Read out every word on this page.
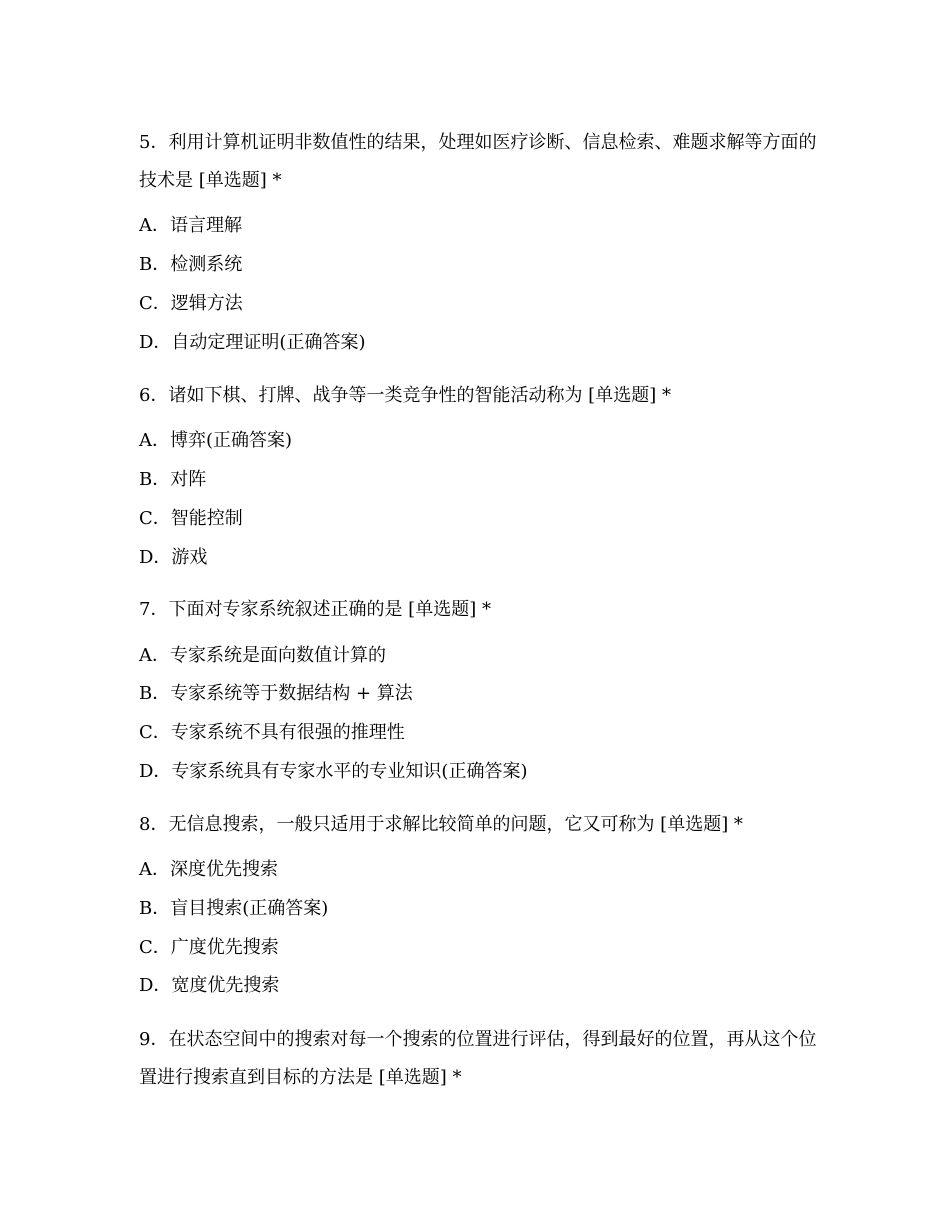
5．利用计算机证明非数值性的结果，处理如医疗诊断、信息检索、难题求解等方面的技术是 [单选题] *
A．语言理解
B．检测系统
C．逻辑方法
D．自动定理证明(正确答案)
6．诸如下棋、打牌、战争等一类竞争性的智能活动称为 [单选题] *
A．博弈(正确答案)
B．对阵
C．智能控制
D．游戏
7．下面对专家系统叙述正确的是 [单选题] *
A．专家系统是面向数值计算的
B．专家系统等于数据结构 + 算法
C．专家系统不具有很强的推理性
D．专家系统具有专家水平的专业知识(正确答案)
8．无信息搜索，一般只适用于求解比较简单的问题，它又可称为 [单选题] *
A．深度优先搜索
B．盲目搜索(正确答案)
C．广度优先搜索
D．宽度优先搜索
9．在状态空间中的搜索对每一个搜索的位置进行评估，得到最好的位置，再从这个位置进行搜索直到目标的方法是 [单选题] *
